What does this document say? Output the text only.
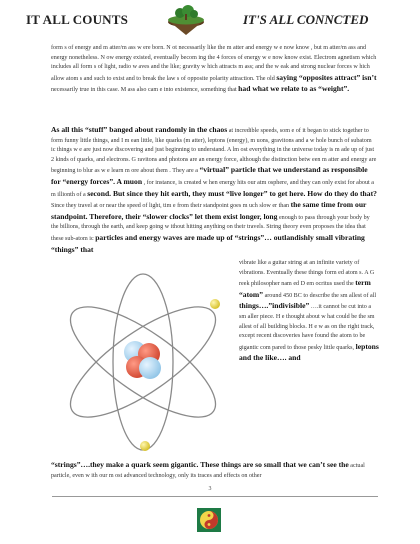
IT ALL COUNTS	IT'S ALL CONNCTED
form s of energy and m atter/m ass w ere born. N ot necessarily like the m atter and energy w e now know , but m atter/m ass and energy nonetheless. N ow energy existed, eventually becom ing the 4 forces of energy w e now know exist. Electrom agnetism which includes all form s of light, radio w aves and the like; gravity w hich attracts m ass; and the w eak and strong nuclear forces w hich allow atom s and such to exist and to break the law s of opposite polarity attraction. The old saying “opposites attract” isn’t necessarily true in this case. M ass also cam e into existence, something that had what we relate to as “weight”.
As all this “stuff” banged about randomly in the chaos at incredible speeds, som e of it began to stick together to form funny little things, and I m ean little, like quarks (m atter), leptons (energy), m uons, gravitons and a w hole bunch of subatom ic things w e are just now discovering and just beginning to understand. A lm ost everything in the universe today is m ade up of just 2 kinds of quarks, and electrons. G ravitons and photons are an energy force, although the distinction betw een m atter and energy are beginning to blur as w e learn m ore about them . They are a “virtual” particle that we understand as responsible for “energy forces”. A muon , for instance, is created w hen energy hits our atm osphere, and they can only exist for about a m illionth of a second. But since they hit earth, they must “live longer” to get here. How do they do that? Since they travel at or near the speed of light, tim e from their standpoint goes m uch slow er than the same time from our standpoint. Therefore, their “slower clocks” let them exist longer, long enough to pass through your body by the billions, through the earth, and keep going w ithout hitting anything on their travels. String theory even proposes the idea that these sub-atom ic particles and energy waves are made up of “strings”… outlandishly small vibrating “things” that
vibrate like a guitar string at an infinite variety of vibrations. Eventually these things form ed atom s. A G reek philosopher nam ed D em ocritus used the term “atom” around 450 BC to describe the sm allest of all things….”indivisible” ….it cannot be cut into a sm aller piece. H e thought about w hat could be the sm allest of all building blocks. H e w as on the right track, except recent discoveries have found the atom to be gigantic com pared to those pesky little quarks, leptons and the like…. and
“strings”….they make a quark seem gigantic. These things are so small that we can’t see the actual particle, even w ith our m ost advanced technology, only its traces and effects on other
3
